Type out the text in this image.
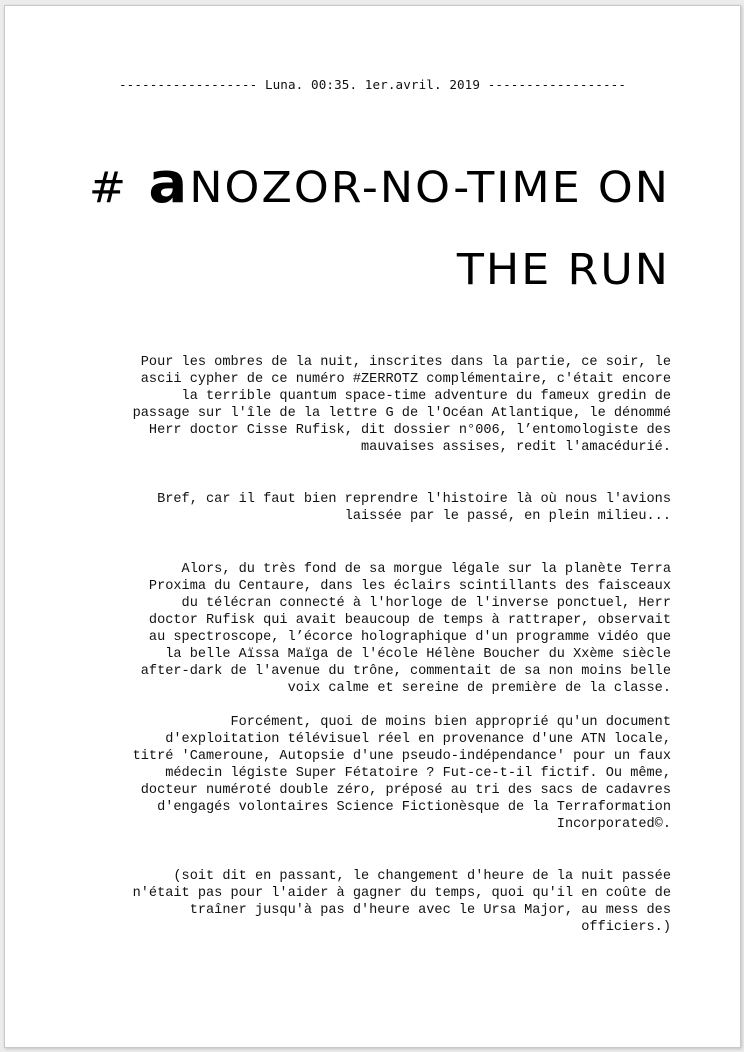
------------------ Luna. 00:35. 1er.avril. 2019 ------------------
# aNOZOR-NO-TIME ON
THE RUN
Pour les ombres de la nuit, inscrites dans la partie, ce soir, le
ascii cypher de ce numéro #ZERROTZ complémentaire, c'était encore
la terrible quantum space-time adventure du fameux gredin de
passage sur l'île de la lettre G de l'Océan Atlantique, le dénommé
Herr doctor Cisse Rufisk, dit dossier n°006, l’entomologiste des
mauvaises assises, redit l'amacédurié.
Bref, car il faut bien reprendre l'histoire là où nous l'avions
laissée par le passé, en plein milieu...
Alors, du très fond de sa morgue légale sur la planète Terra
Proxima du Centaure, dans les éclairs scintillants des faisceaux
du télécran connecté à l'horloge de l'inverse ponctuel, Herr
doctor Rufisk qui avait beaucoup de temps à rattraper, observait
au spectroscope, l’écorce holographique d'un programme vidéo que
la belle Aïssa Maïga de l'école Hélène Boucher du Xxème siècle
after-dark de l'avenue du trône, commentait de sa non moins belle
voix calme et sereine de première de la classe.
Forcément, quoi de moins bien approprié qu'un document
d'exploitation télévisuel réel en provenance d'une ATN locale,
titré 'Cameroune, Autopsie d'une pseudo-indépendance' pour un faux
médecin légiste Super Fétatoire ? Fut-ce-t-il fictif. Ou même,
docteur numéroté double zéro, préposé au tri des sacs de cadavres
d'engagés volontaires Science Fictionèsque de la Terraformation
Incorporated©.
(soit dit en passant, le changement d'heure de la nuit passée
n'était pas pour l'aider à gagner du temps, quoi qu'il en coûte de
traîner jusqu'à pas d'heure avec le Ursa Major, au mess des
officiers.)
